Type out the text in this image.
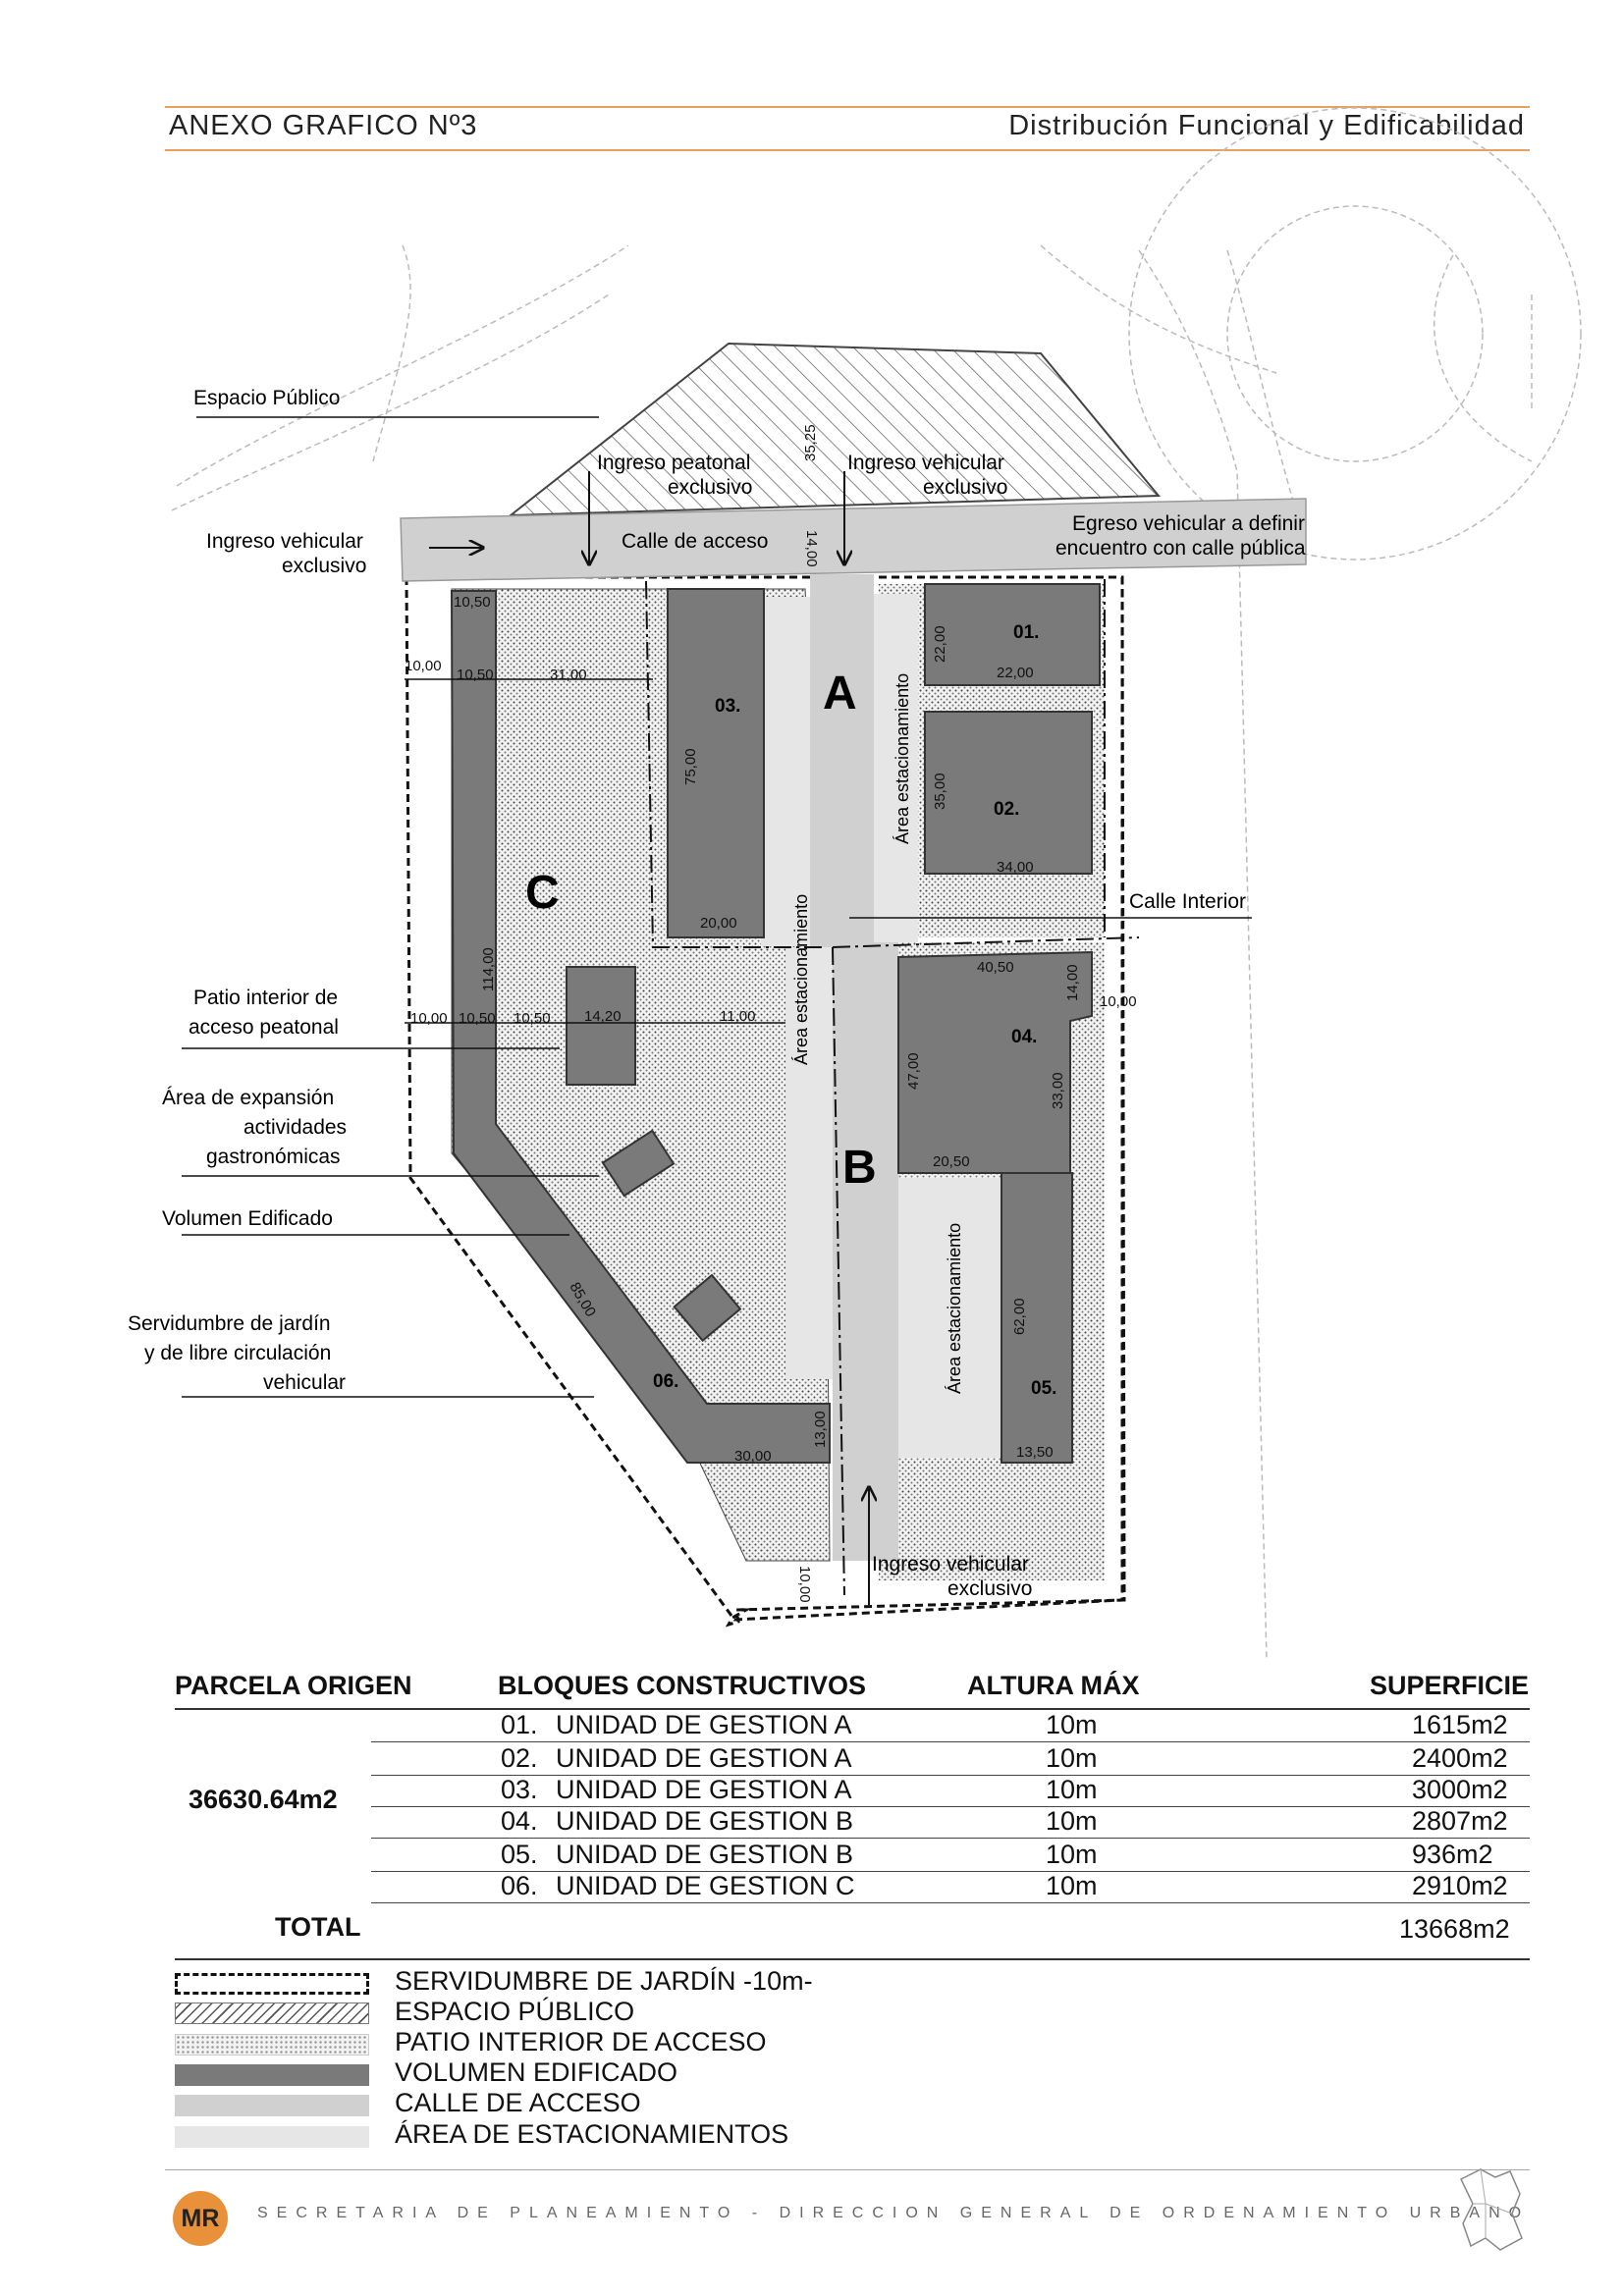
ANEXO GRAFICO Nº3	Distribución Funcional y Edificabilidad
A
B
C
01.
02.
03.
04.
05.
06.
35,25
14,00
10,50
10,00
10,50	31,00
22,00
22,00
35,00
34,00
75,00
20,00
114,00	40,50	14,00
10,00
10,00 10,50 10,50 14,20	11,00
47,00
33,00
20,50
62,00
13,50
85,00
30,00
13,00
10,00
Área estacionamiento
Área estacionamiento
Área estacionamiento
Espacio Público
Ingreso vehicular
exclusivo
Ingreso peatonal
exclusivo
Ingreso vehicular
exclusivo
Calle de acceso
Egreso vehicular a definir
encuentro con calle pública
Calle Interior
Patio interior de
acceso peatonal
Área de expansión
actividades
gastronómicas
Volumen Edificado
Servidumbre de jardín
y de libre circulación
vehicular
Ingreso vehicular
exclusivo
PARCELA ORIGEN	BLOQUES CONSTRUCTIVOS	ALTURA MÁX	SUPERFICIE
36630.64m2
01. UNIDAD DE GESTION A	10m	1615m2
02. UNIDAD DE GESTION A	10m	2400m2
03. UNIDAD DE GESTION A	10m	3000m2
04. UNIDAD DE GESTION B	10m	2807m2
05. UNIDAD DE GESTION B	10m	936m2
06. UNIDAD DE GESTION C	10m	2910m2
TOTAL	13668m2
SERVIDUMBRE DE JARDÍN -10m-
ESPACIO PÚBLICO
PATIO INTERIOR DE ACCESO
VOLUMEN EDIFICADO
CALLE DE ACCESO
ÁREA DE ESTACIONAMIENTOS
MR	SECRETARIA DE PLANEAMIENTO - DIRECCION GENERAL DE ORDENAMIENTO URBANO
